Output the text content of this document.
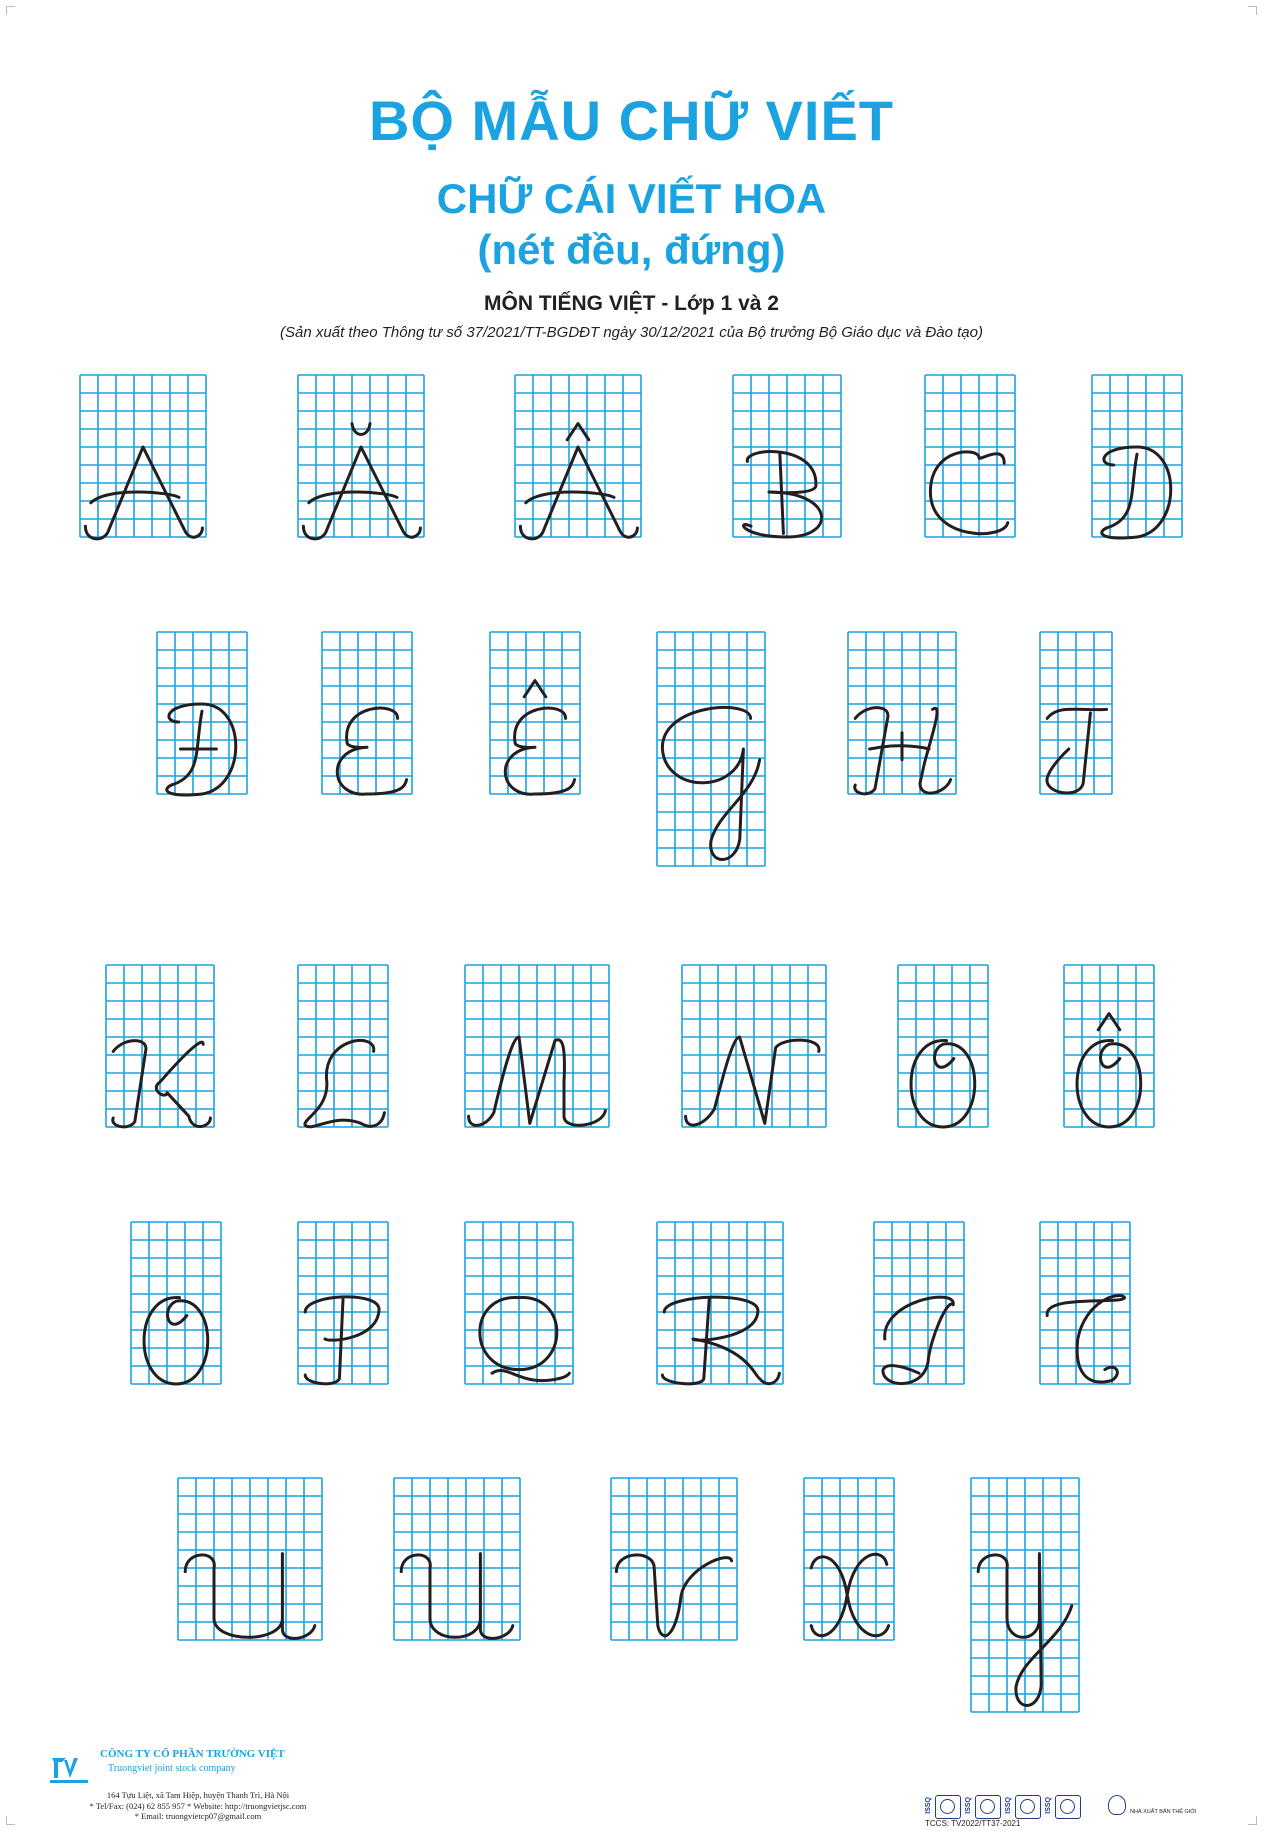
BỘ MẪU CHỮ VIẾT
CHỮ CÁI VIẾT HOA
(nét đều, đứng)
MÔN TIẾNG VIỆT - Lớp 1 và 2
(Sản xuất theo Thông tư số 37/2021/TT-BGDĐT ngày 30/12/2021 của Bộ trưởng Bộ Giáo dục và Đào tạo)
CÔNG TY CỔ PHẦN TRƯỜNG VIỆT
Truongviet joint stock company
164 Tựu Liệt, xã Tam Hiệp, huyện Thanh Trì, Hà Nội
* Tel/Fax: (024) 62 855 957 * Website: http://truongvietjsc.com
* Email: truongvietcp07@gmail.com
ISSQ	ISSQ	ISSQ	ISSQ
TCCS: TV2022/TT37-2021
NHÀ XUẤT BẢN THẾ GIỚI
